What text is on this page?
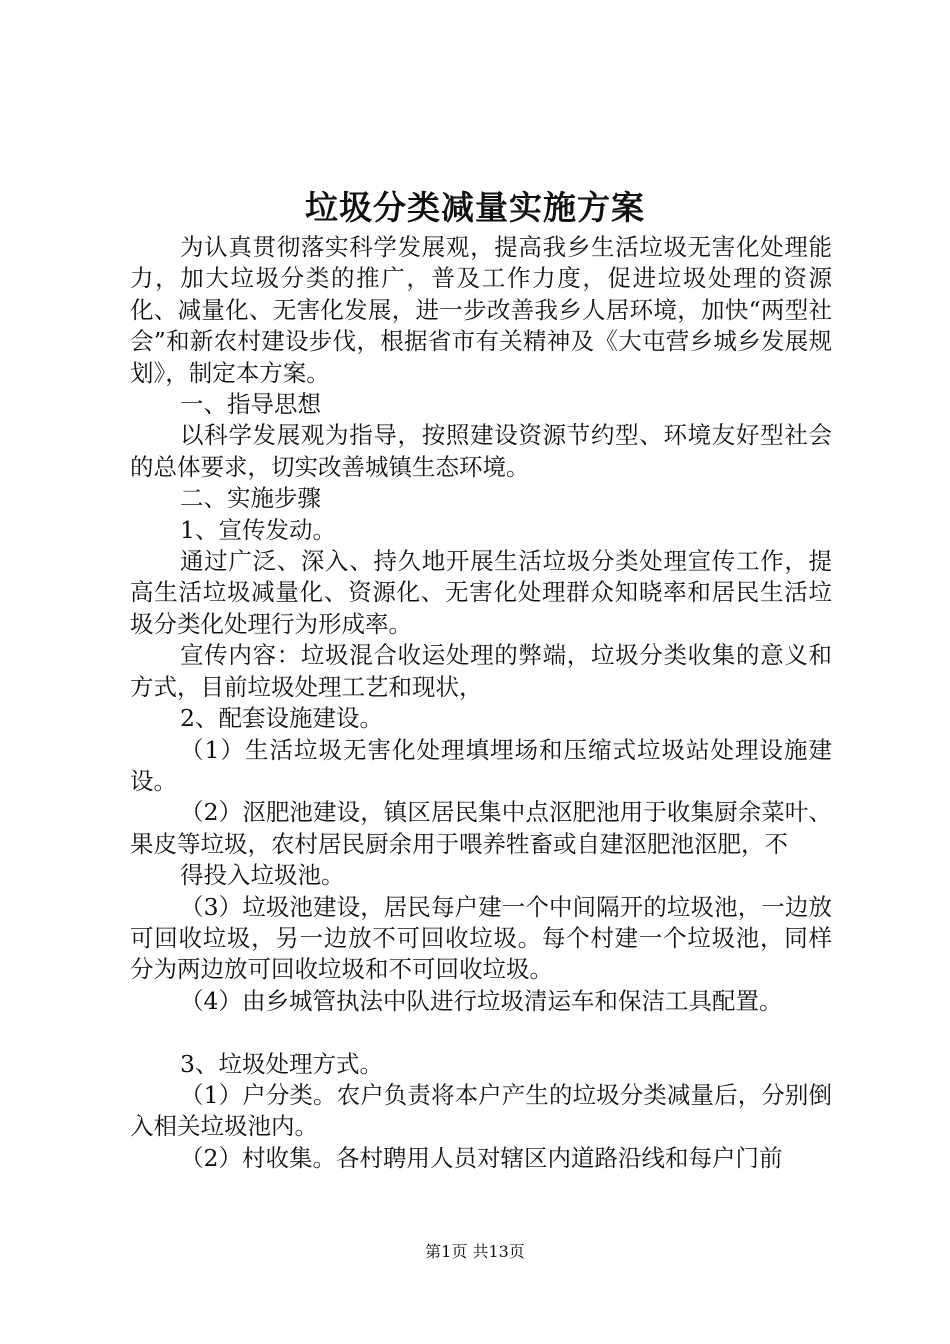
垃圾分类减量实施方案

为认真贯彻落实科学发展观，提高我乡生活垃圾无害化处理能力，加大垃圾分类的推广，普及工作力度，促进垃圾处理的资源化、减量化、无害化发展，进一步改善我乡人居环境，加快“两型社会”和新农村建设步伐，根据省市有关精神及《大屯营乡城乡发展规划》，制定本方案。

一、指导思想

以科学发展观为指导，按照建设资源节约型、环境友好型社会的总体要求，切实改善城镇生态环境。

二、实施步骤

1、宣传发动。

通过广泛、深入、持久地开展生活垃圾分类处理宣传工作，提高生活垃圾减量化、资源化、无害化处理群众知晓率和居民生活垃圾分类化处理行为形成率。

宣传内容：垃圾混合收运处理的弊端，垃圾分类收集的意义和方式，目前垃圾处理工艺和现状，

2、配套设施建设。

（1）生活垃圾无害化处理填埋场和压缩式垃圾站处理设施建设。

（2）沤肥池建设，镇区居民集中点沤肥池用于收集厨余菜叶、果皮等垃圾，农村居民厨余用于喂养牲畜或自建沤肥池沤肥，不

得投入垃圾池。

（3）垃圾池建设，居民每户建一个中间隔开的垃圾池，一边放可回收垃圾，另一边放不可回收垃圾。每个村建一个垃圾池，同样分为两边放可回收垃圾和不可回收垃圾。

（4）由乡城管执法中队进行垃圾清运车和保洁工具配置。

3、垃圾处理方式。

（1）户分类。农户负责将本户产生的垃圾分类减量后，分别倒入相关垃圾池内。

（2）村收集。各村聘用人员对辖区内道路沿线和每户门前

第1页 共13页
